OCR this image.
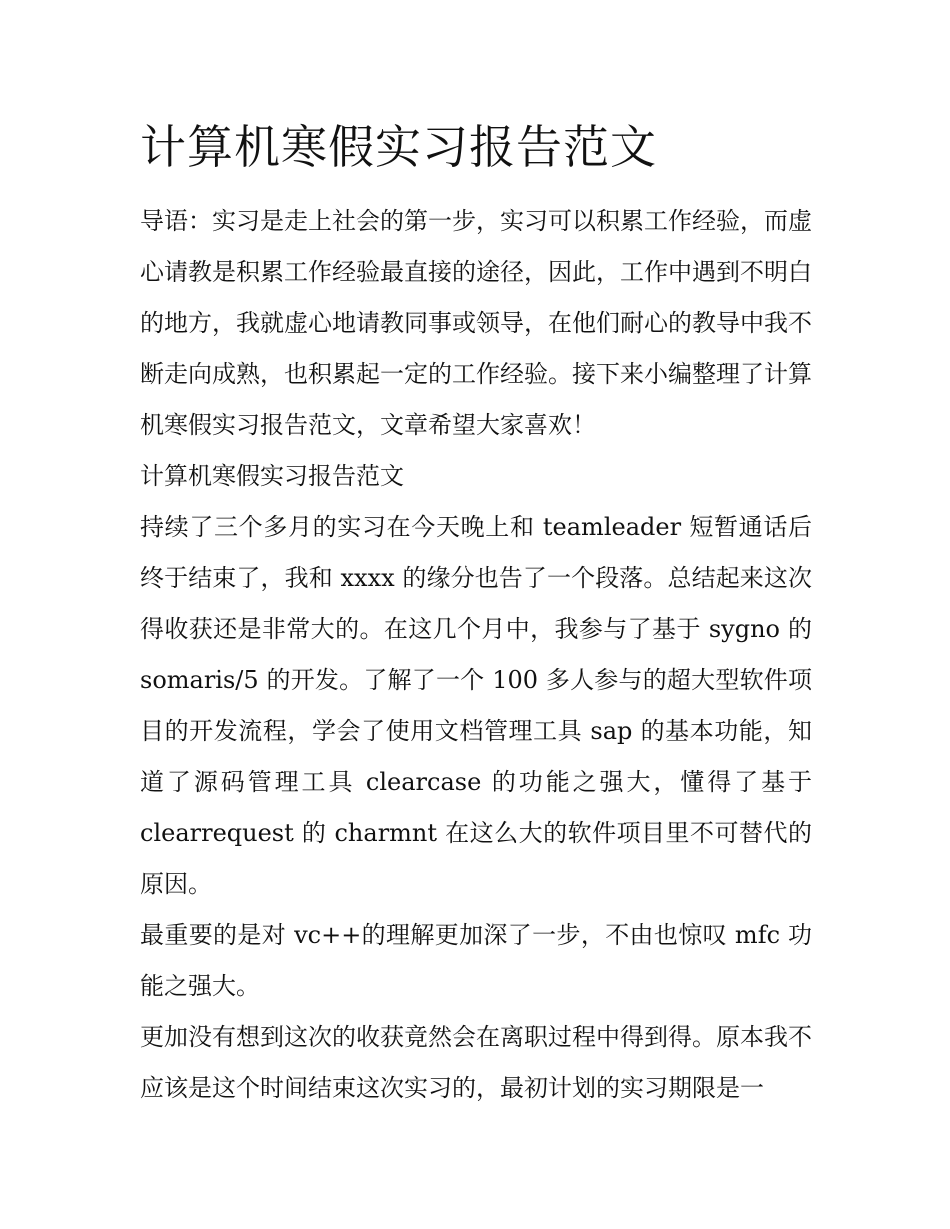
计算机寒假实习报告范文

导语：实习是走上社会的第一步，实习可以积累工作经验，而虚心请教是积累工作经验最直接的途径，因此，工作中遇到不明白的地方，我就虚心地请教同事或领导，在他们耐心的教导中我不断走向成熟，也积累起一定的工作经验。接下来小编整理了计算机寒假实习报告范文，文章希望大家喜欢！

计算机寒假实习报告范文

持续了三个多月的实习在今天晚上和 teamleader 短暂通话后终于结束了，我和 xxxx 的缘分也告了一个段落。总结起来这次得收获还是非常大的。在这几个月中，我参与了基于 sygno 的 somaris/5 的开发。了解了一个 100 多人参与的超大型软件项目的开发流程，学会了使用文档管理工具 sap 的基本功能，知道了源码管理工具 clearcase 的功能之强大，懂得了基于 clearrequest 的 charmnt 在这么大的软件项目里不可替代的原因。

最重要的是对 vc++的理解更加深了一步，不由也惊叹 mfc 功能之强大。

更加没有想到这次的收获竟然会在离职过程中得到得。原本我不应该是这个时间结束这次实习的，最初计划的实习期限是一
